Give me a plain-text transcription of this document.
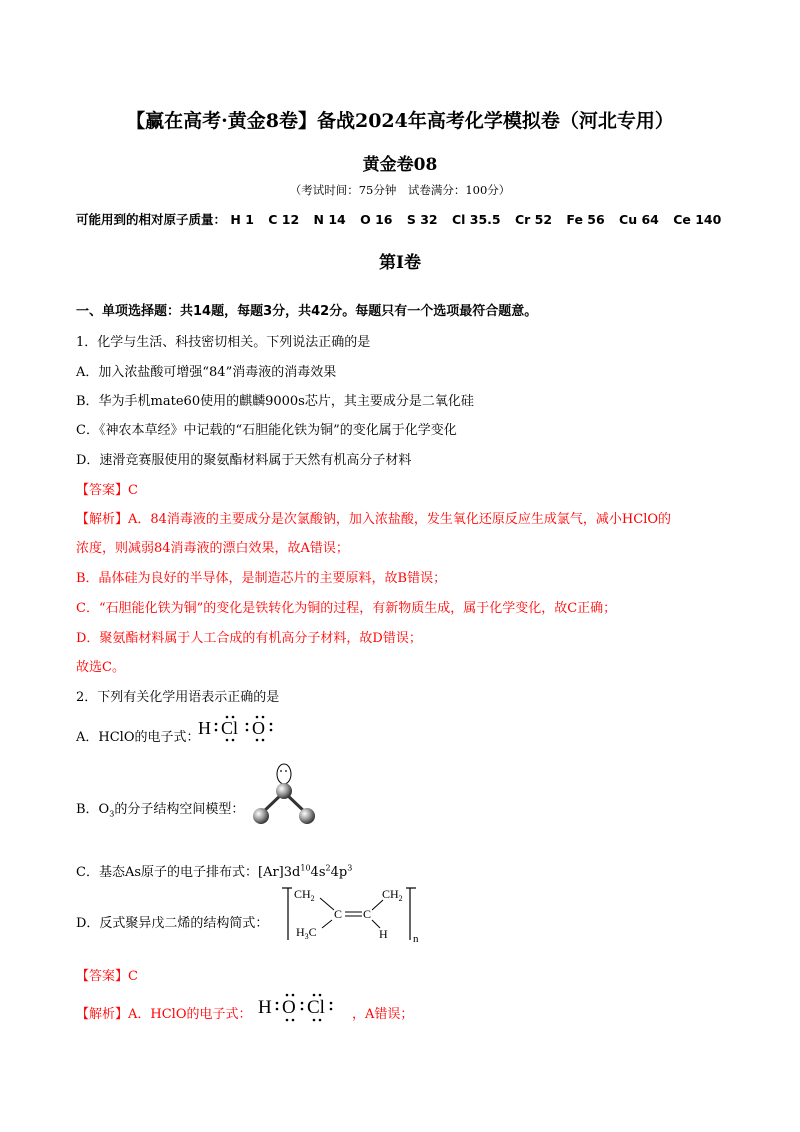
【赢在高考·黄金8卷】备战2024年高考化学模拟卷（河北专用）
黄金卷08
（考试时间：75分钟　试卷满分：100分）
可能用到的相对原子质量： H 1 C 12 N 14 O 16 S 32 Cl 35.5 Cr 52 Fe 56 Cu 64 Ce 140
第Ⅰ卷
一、单项选择题：共14题，每题3分，共42分。每题只有一个选项最符合题意。
1．化学与生活、科技密切相关。下列说法正确的是
A．加入浓盐酸可增强“84”消毒液的消毒效果
B．华为手机mate60使用的麒麟9000s芯片，其主要成分是二氧化硅
C．《神农本草经》中记载的“石胆能化铁为铜”的变化属于化学变化
D．速滑竞赛服使用的聚氨酯材料属于天然有机高分子材料
【答案】C
【解析】A．84消毒液的主要成分是次氯酸钠，加入浓盐酸，发生氧化还原反应生成氯气，减小HClO的
浓度，则减弱84消毒液的漂白效果，故A错误；
B．晶体硅为良好的半导体，是制造芯片的主要原料，故B错误；
C．“石胆能化铁为铜”的变化是铁转化为铜的过程，有新物质生成，属于化学变化，故C正确；
D．聚氨酯材料属于人工合成的有机高分子材料，故D错误；
故选C。
2．下列有关化学用语表示正确的是
A．HClO的电子式：
H Cl O
B．$O_3$的分子结构空间模型：
C．基态As原子的电子排布式：$[Ar]3d^{10}4s^24p^3$
D．反式聚异戊二烯的结构简式：
$CH_2$
C C
$CH_2$
$H_3C$	H n
【答案】C
【解析】A．HClO的电子式： H O Cl ，A错误；
